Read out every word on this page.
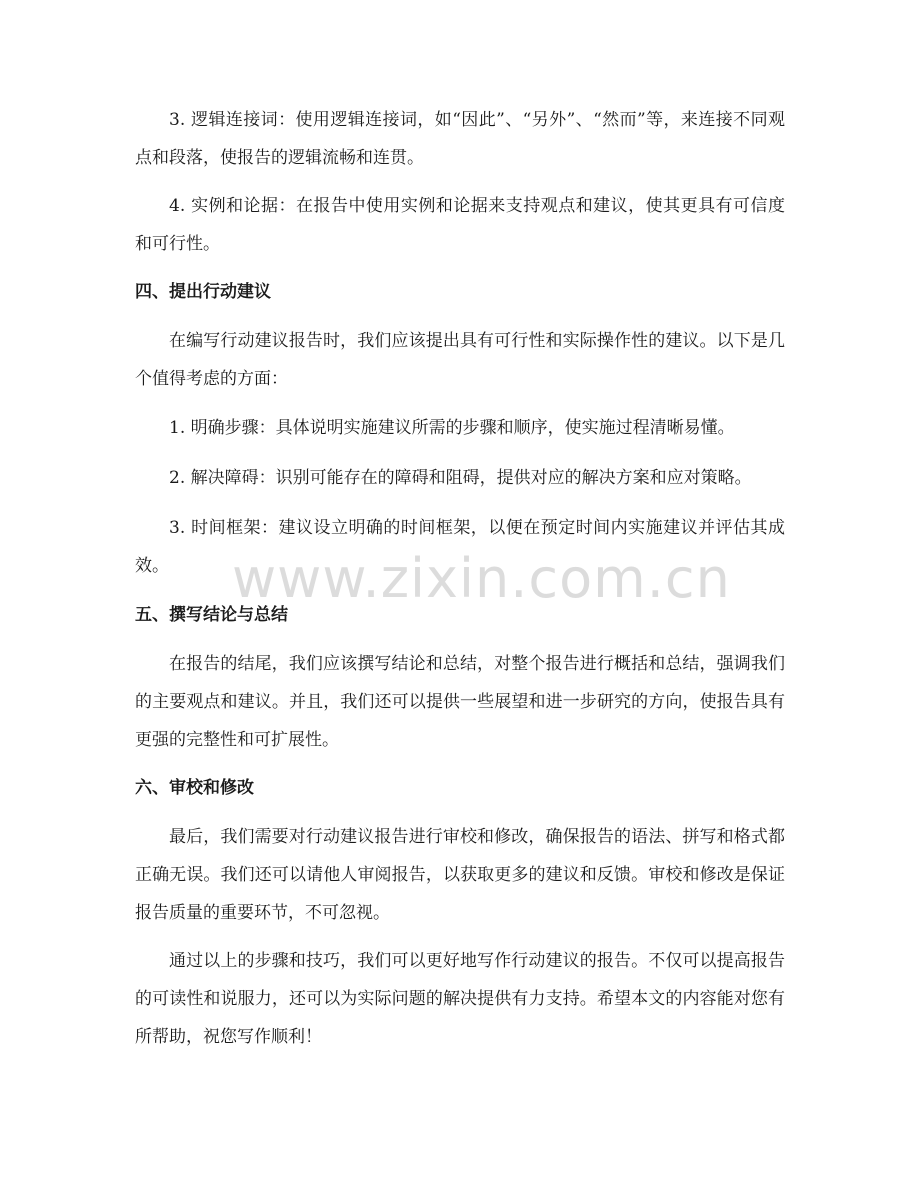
3. 逻辑连接词：使用逻辑连接词，如“因此”、“另外”、“然而”等，来连接不同观点和段落，使报告的逻辑流畅和连贯。

4. 实例和论据：在报告中使用实例和论据来支持观点和建议，使其更具有可信度和可行性。

四、提出行动建议

在编写行动建议报告时，我们应该提出具有可行性和实际操作性的建议。以下是几个值得考虑的方面：

1. 明确步骤：具体说明实施建议所需的步骤和顺序，使实施过程清晰易懂。

2. 解决障碍：识别可能存在的障碍和阻碍，提供对应的解决方案和应对策略。

3. 时间框架：建议设立明确的时间框架，以便在预定时间内实施建议并评估其成效。

五、撰写结论与总结

在报告的结尾，我们应该撰写结论和总结，对整个报告进行概括和总结，强调我们的主要观点和建议。并且，我们还可以提供一些展望和进一步研究的方向，使报告具有更强的完整性和可扩展性。

六、审校和修改

最后，我们需要对行动建议报告进行审校和修改，确保报告的语法、拼写和格式都正确无误。我们还可以请他人审阅报告，以获取更多的建议和反馈。审校和修改是保证报告质量的重要环节，不可忽视。

通过以上的步骤和技巧，我们可以更好地写作行动建议的报告。不仅可以提高报告的可读性和说服力，还可以为实际问题的解决提供有力支持。希望本文的内容能对您有所帮助，祝您写作顺利！

www.zixin.com.cn
